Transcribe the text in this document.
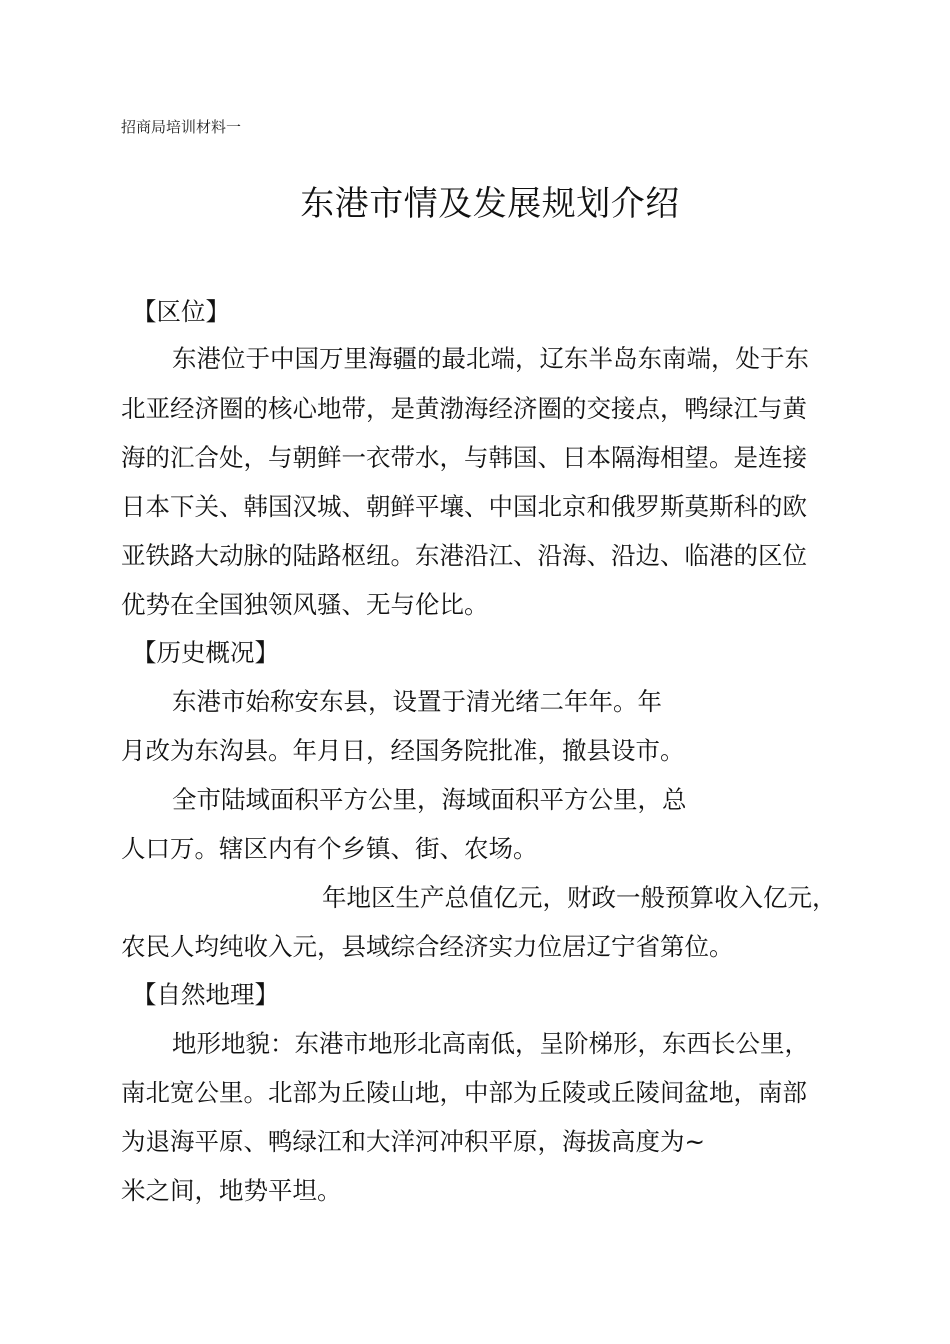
招商局培训材料一
东港市情及发展规划介绍
【区位】
东港位于中国万里海疆的最北端，辽东半岛东南端，处于东
北亚经济圈的核心地带，是黄渤海经济圈的交接点，鸭绿江与黄
海的汇合处，与朝鲜一衣带水，与韩国、日本隔海相望。是连接
日本下关、韩国汉城、朝鲜平壤、中国北京和俄罗斯莫斯科的欧
亚铁路大动脉的陆路枢纽。东港沿江、沿海、沿边、临港的区位
优势在全国独领风骚、无与伦比。
【历史概况】
东港市始称安东县，设置于清光绪二年年。年
月改为东沟县。年月日，经国务院批准，撤县设市。
全市陆域面积平方公里，海域面积平方公里，总
人口万。辖区内有个乡镇、街、农场。
年地区生产总值亿元，财政一般预算收入亿元，
农民人均纯收入元，县域综合经济实力位居辽宁省第位。
【自然地理】
地形地貌：东港市地形北高南低，呈阶梯形，东西长公里，
南北宽公里。北部为丘陵山地，中部为丘陵或丘陵间盆地，南部
为退海平原、鸭绿江和大洋河冲积平原，海拔高度为~
米之间，地势平坦。
